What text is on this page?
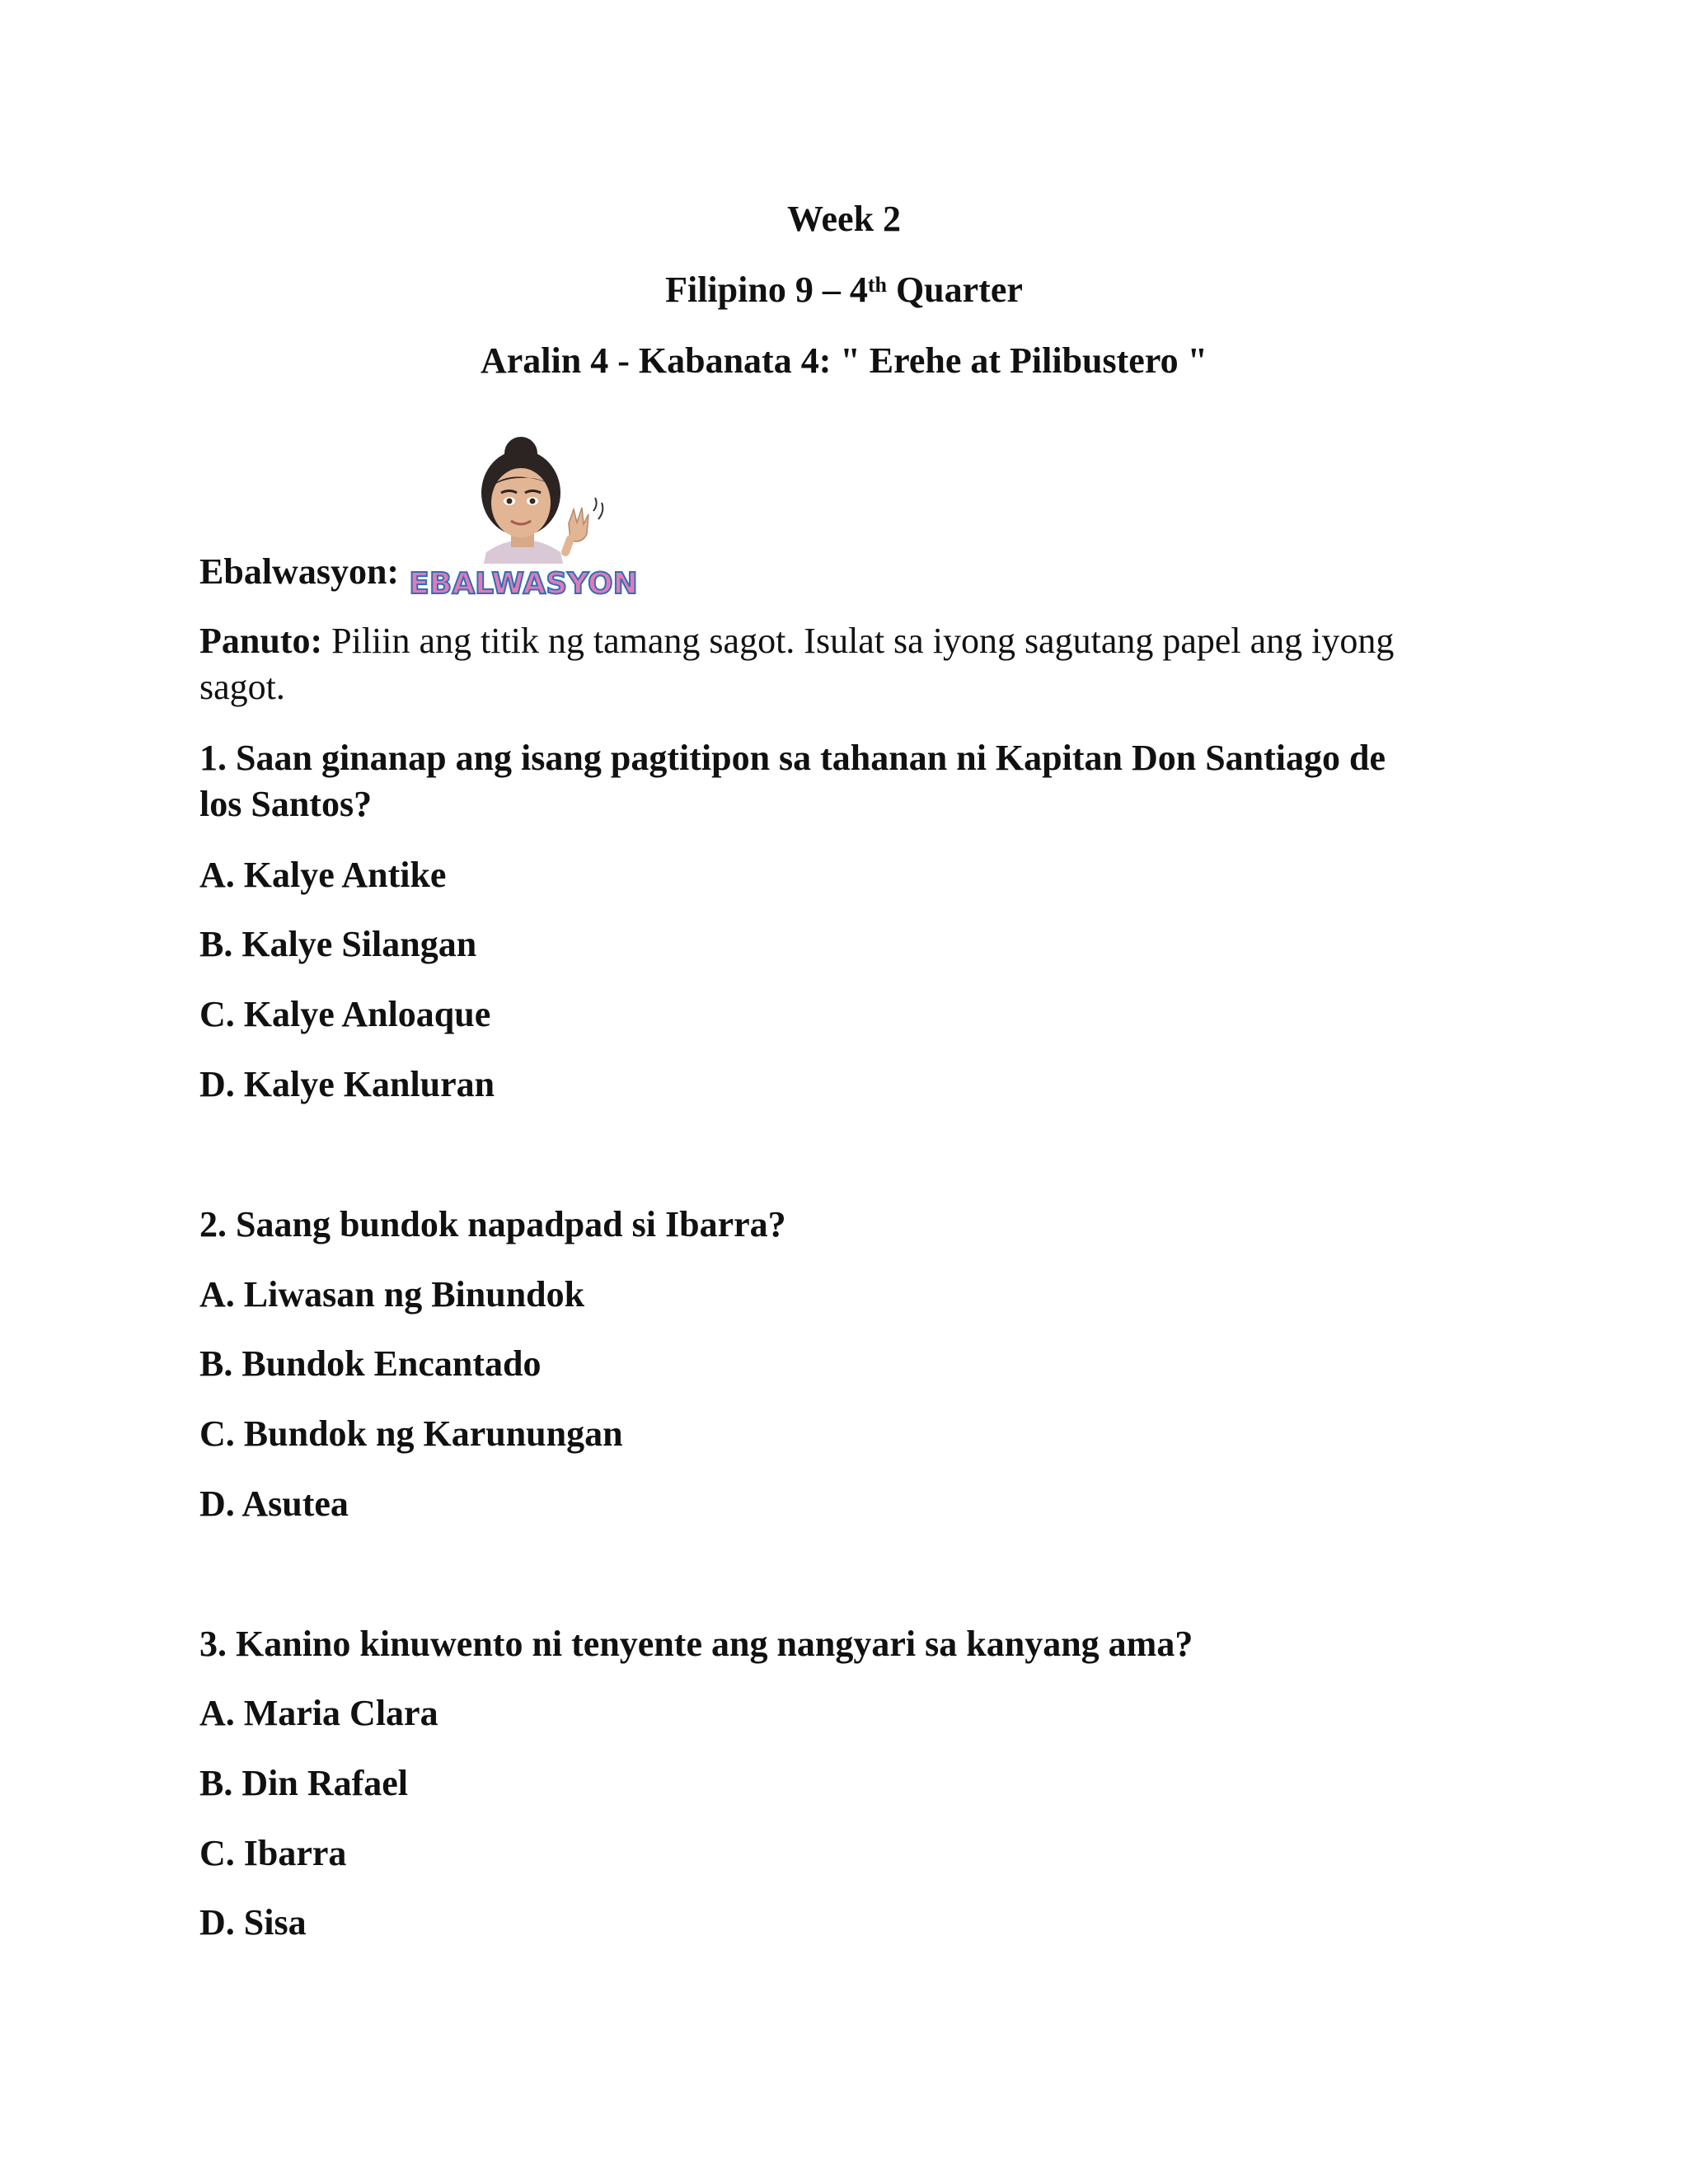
Week 2
Filipino 9 – 4th Quarter
Aralin 4 - Kabanata 4: " Erehe at Pilibustero "
Ebalwasyon: EBALWASYON
Panuto: Piliin ang titik ng tamang sagot. Isulat sa iyong sagutang papel ang iyong
sagot.
1. Saan ginanap ang isang pagtitipon sa tahanan ni Kapitan Don Santiago de
los Santos?
A. Kalye Antike
B. Kalye Silangan
C. Kalye Anloaque
D. Kalye Kanluran
2. Saang bundok napadpad si Ibarra?
A. Liwasan ng Binundok
B. Bundok Encantado
C. Bundok ng Karunungan
D. Asutea
3. Kanino kinuwento ni tenyente ang nangyari sa kanyang ama?
A. Maria Clara
B. Din Rafael
C. Ibarra
D. Sisa
